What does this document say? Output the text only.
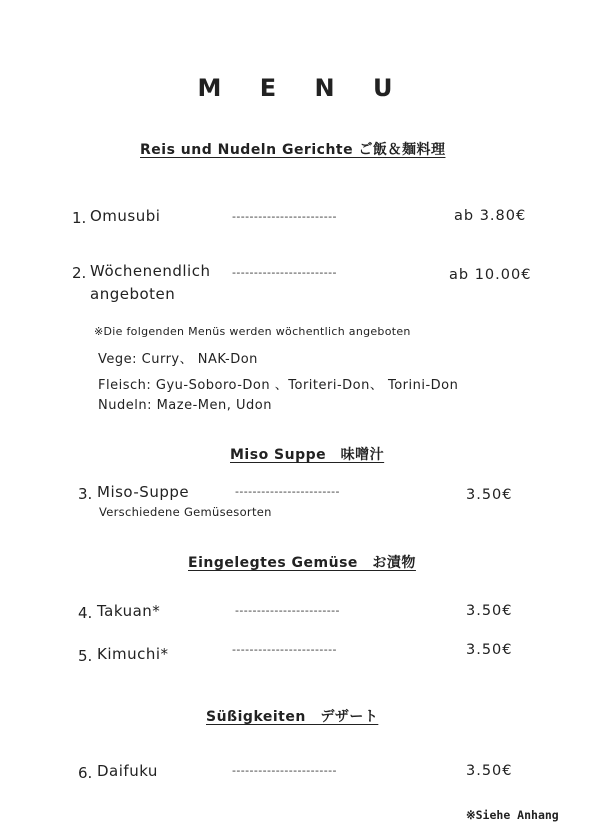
M E N U
Reis und Nudeln Gerichte ご飯＆麺料理
1. Omusubi	------------------------	ab 3.80€
2. Wöchenendlich
angeboten
------------------------	ab 10.00€
※Die folgenden Menüs werden wöchentlich angeboten
Vege: Curry、 NAK-Don
Fleisch: Gyu-Soboro-Don 、Toriteri-Don、 Torini-Don
Nudeln: Maze-Men, Udon
Miso Suppe　味噌汁
3. Miso-Suppe
Verschiedene Gemüsesorten
------------------------	3.50€
Eingelegtes Gemüse　お漬物
4. Takuan*	------------------------	3.50€
5. Kimuchi*	------------------------	3.50€
Süßigkeiten　デザート
6. Daifuku	------------------------	3.50€
※Siehe Anhang
